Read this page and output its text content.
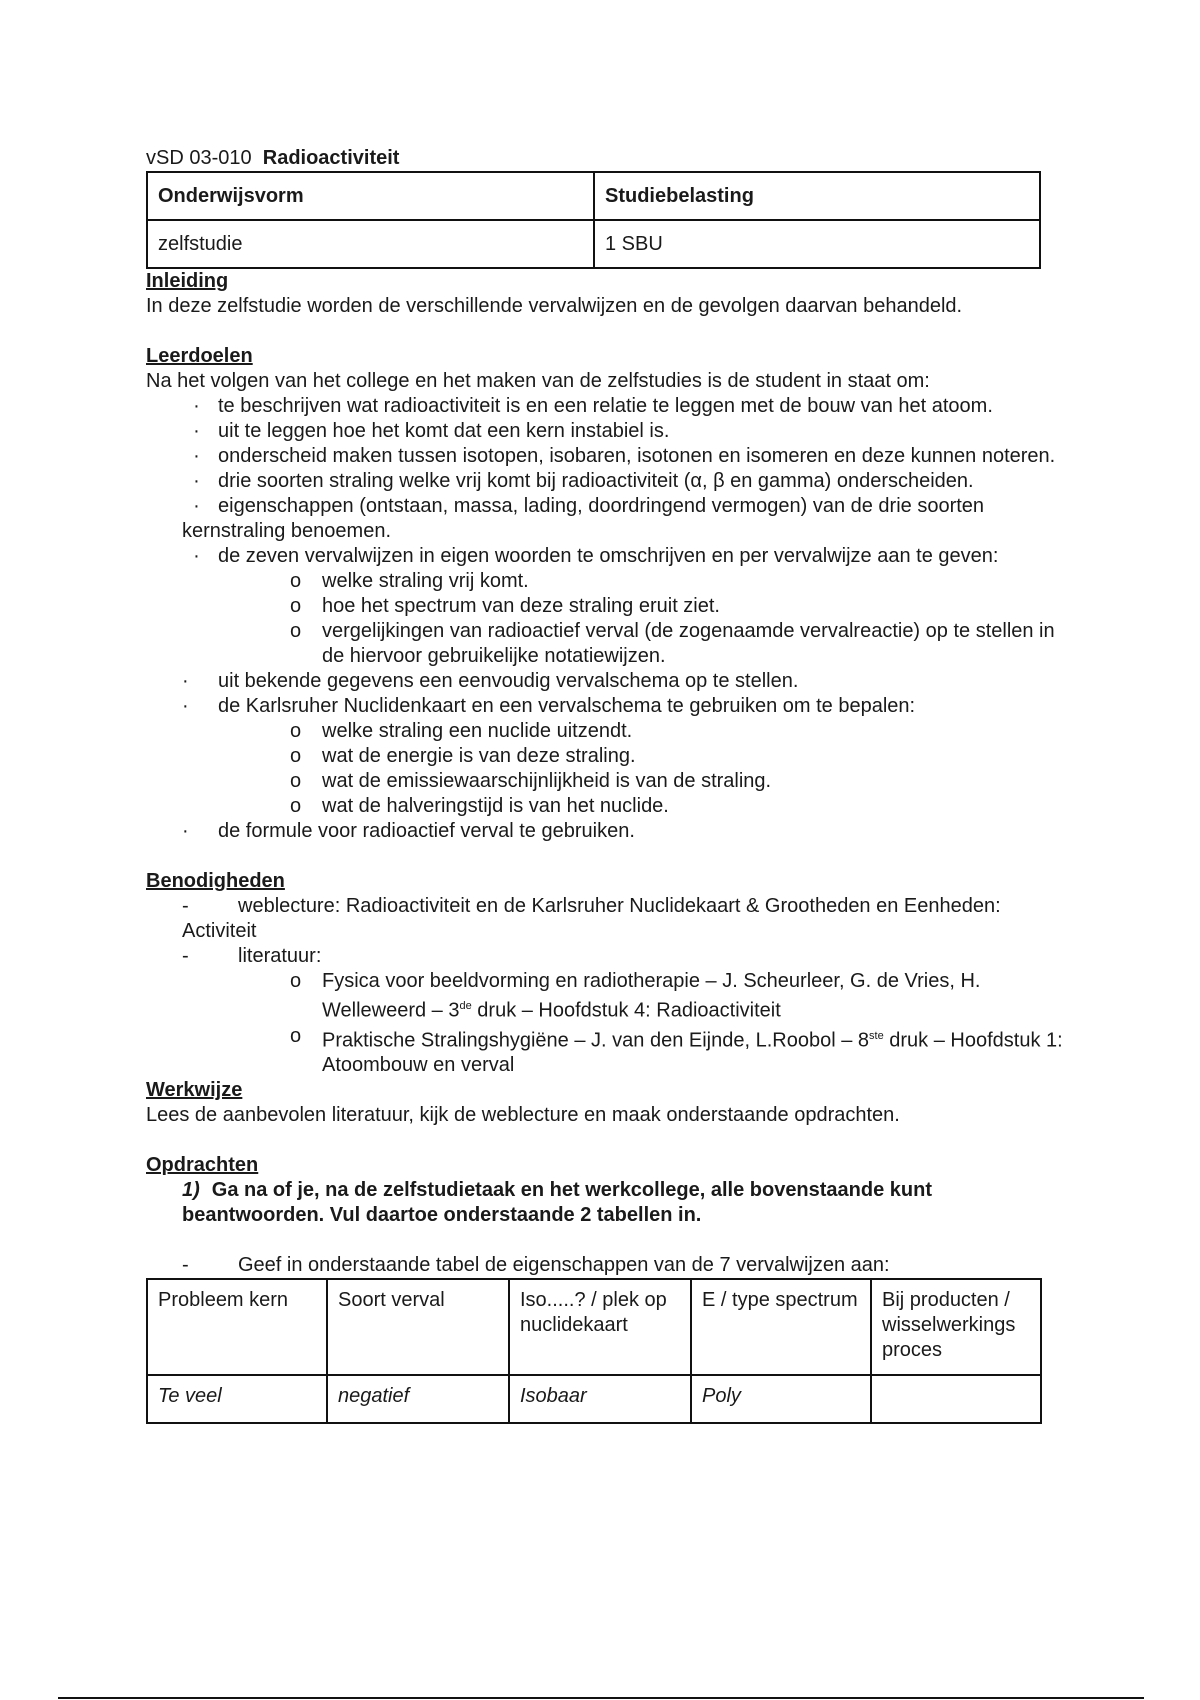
vSD 03-010 Radioactiviteit

Onderwijsvorm	Studiebelasting
zelfstudie	1 SBU
Inleiding

In deze zelfstudie worden de verschillende vervalwijzen en de gevolgen daarvan behandeld.

Leerdoelen

Na het volgen van het college en het maken van de zelfstudies is de student in staat om:

· te beschrijven wat radioactiviteit is en een relatie te leggen met de bouw van het atoom.
· uit te leggen hoe het komt dat een kern instabiel is.
· onderscheid maken tussen isotopen, isobaren, isotonen en isomeren en deze kunnen noteren.
· drie soorten straling welke vrij komt bij radioactiviteit (α, β en gamma) onderscheiden.
· eigenschappen (ontstaan, massa, lading, doordringend vermogen) van de drie soorten kernstraling benoemen.
· de zeven vervalwijzen in eigen woorden te omschrijven en per vervalwijze aan te geven:
o welke straling vrij komt.
o hoe het spectrum van deze straling eruit ziet.
o vergelijkingen van radioactief verval (de zogenaamde vervalreactie) op te stellen in de hiervoor gebruikelijke notatiewijzen.
· uit bekende gegevens een eenvoudig vervalschema op te stellen.
· de Karlsruher Nuclidenkaart en een vervalschema te gebruiken om te bepalen:
o welke straling een nuclide uitzendt.
o wat de energie is van deze straling.
o wat de emissiewaarschijnlijkheid is van de straling.
o wat de halveringstijd is van het nuclide.
· de formule voor radioactief verval te gebruiken.
Benodigheden
- weblecture: Radioactiviteit en de Karlsruher Nuclidekaart & Grootheden en Eenheden: Activiteit
- literatuur:
o Fysica voor beeldvorming en radiotherapie – J. Scheurleer, G. de Vries, H. Welleweerd – 3de druk – Hoofdstuk 4: Radioactiviteit
o Praktische Stralingshygiëne – J. van den Eijnde, L.Roobol – 8ste druk – Hoofdstuk 1: Atoombouw en verval
Werkwijze

Lees de aanbevolen literatuur, kijk de weblecture en maak onderstaande opdrachten.

Opdrachten

1) Ga na of je, na de zelfstudietaak en het werkcollege, alle bovenstaande kunt beantwoorden. Vul daartoe onderstaande 2 tabellen in.

- Geef in onderstaande tabel de eigenschappen van de 7 vervalwijzen aan:
Probleem kern	Soort verval	Iso.....? / plek op nuclidekaart	E / type spectrum	Bij producten / wisselwerkings proces
Te veel	negatief	Isobaar	Poly	
